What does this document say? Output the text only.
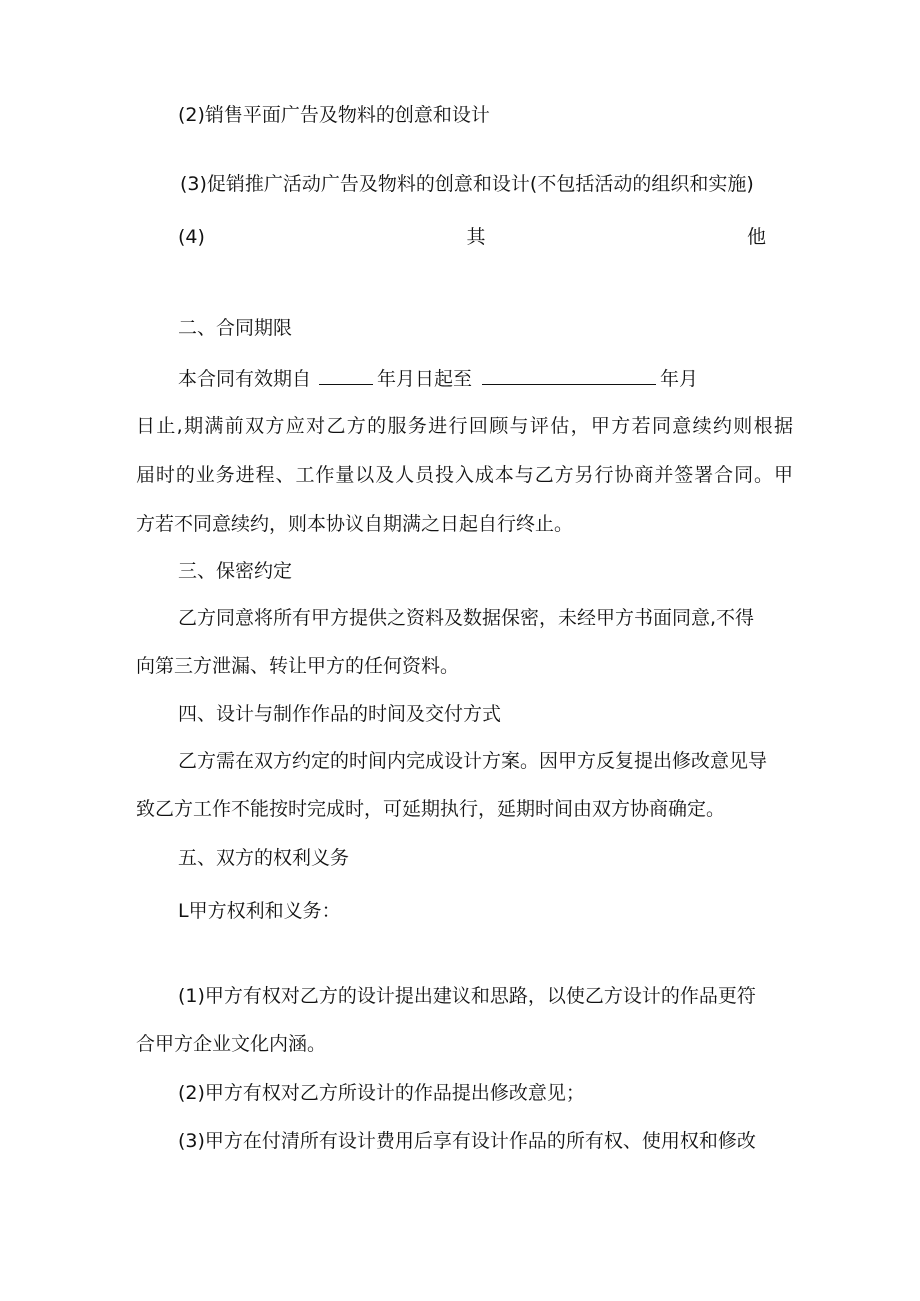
(2)销售平面广告及物料的创意和设计
(3)促销推广活动广告及物料的创意和设计(不包括活动的组织和实施)
(4)	其	他
二、合同期限
本合同有效期自	年月日起至	年月
日止,期满前双方应对乙方的服务进行回顾与评估，甲方若同意续约则根据
届时的业务进程、工作量以及人员投入成本与乙方另行协商并签署合同。甲
方若不同意续约，则本协议自期满之日起自行终止。
三、保密约定
乙方同意将所有甲方提供之资料及数据保密，未经甲方书面同意,不得
向第三方泄漏、转让甲方的任何资料。
四、设计与制作作品的时间及交付方式
乙方需在双方约定的时间内完成设计方案。因甲方反复提出修改意见导
致乙方工作不能按时完成时，可延期执行，延期时间由双方协商确定。
五、双方的权利义务
L甲方权利和义务：
(1)甲方有权对乙方的设计提出建议和思路，以使乙方设计的作品更符
合甲方企业文化内涵。
(2)甲方有权对乙方所设计的作品提出修改意见；
(3)甲方在付清所有设计费用后享有设计作品的所有权、使用权和修改
